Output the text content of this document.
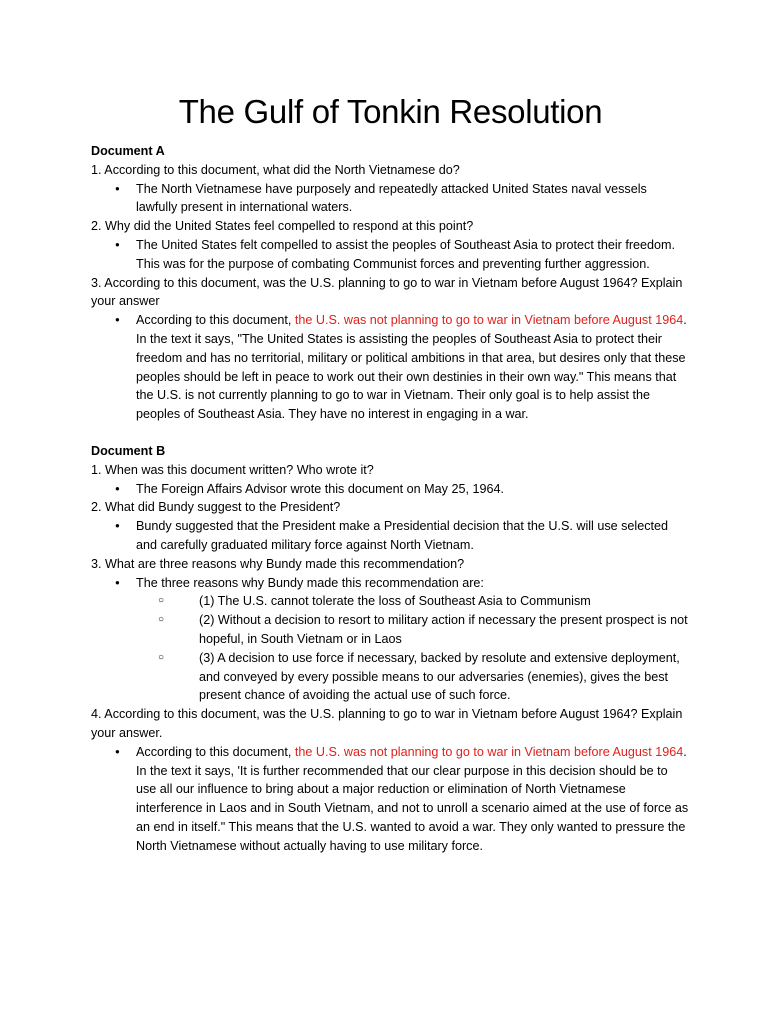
The Gulf of Tonkin Resolution
Document A
1. According to this document, what did the North Vietnamese do?
● The North Vietnamese have purposely and repeatedly attacked United States naval vessels lawfully present in international waters.
2. Why did the United States feel compelled to respond at this point?
● The United States felt compelled to assist the peoples of Southeast Asia to protect their freedom. This was for the purpose of combating Communist forces and preventing further aggression.
3. According to this document, was the U.S. planning to go to war in Vietnam before August 1964? Explain your answer
● According to this document, the U.S. was not planning to go to war in Vietnam before August 1964. In the text it says, "The United States is assisting the peoples of Southeast Asia to protect their freedom and has no territorial, military or political ambitions in that area, but desires only that these peoples should be left in peace to work out their own destinies in their own way." This means that the U.S. is not currently planning to go to war in Vietnam. Their only goal is to help assist the peoples of Southeast Asia. They have no interest in engaging in a war.
Document B
1. When was this document written? Who wrote it?
● The Foreign Affairs Advisor wrote this document on May 25, 1964.
2. What did Bundy suggest to the President?
● Bundy suggested that the President make a Presidential decision that the U.S. will use selected and carefully graduated military force against North Vietnam.
3. What are three reasons why Bundy made this recommendation?
● The three reasons why Bundy made this recommendation are:
○ (1) The U.S. cannot tolerate the loss of Southeast Asia to Communism
○ (2) Without a decision to resort to military action if necessary the present prospect is not hopeful, in South Vietnam or in Laos
○ (3) A decision to use force if necessary, backed by resolute and extensive deployment, and conveyed by every possible means to our adversaries (enemies), gives the best present chance of avoiding the actual use of such force.
4. According to this document, was the U.S. planning to go to war in Vietnam before August 1964? Explain your answer.
● According to this document, the U.S. was not planning to go to war in Vietnam before August 1964. In the text it says, 'It is further recommended that our clear purpose in this decision should be to use all our influence to bring about a major reduction or elimination of North Vietnamese interference in Laos and in South Vietnam, and not to unroll a scenario aimed at the use of force as an end in itself." This means that the U.S. wanted to avoid a war. They only wanted to pressure the North Vietnamese without actually having to use military force.
